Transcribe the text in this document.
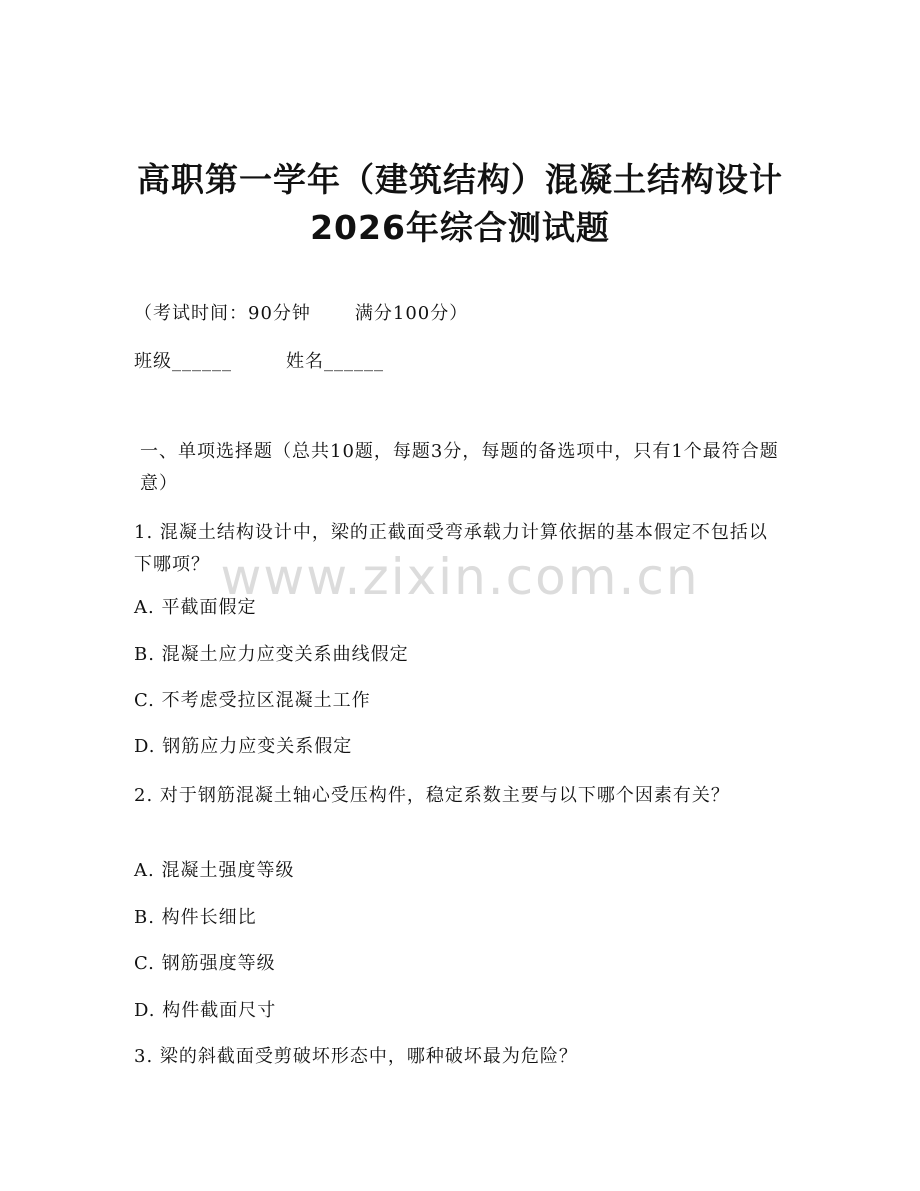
高职第一学年（建筑结构）混凝土结构设计
2026年综合测试题
（考试时间：90分钟 满分100分）
班级______	姓名______
一、单项选择题（总共10题，每题3分，每题的备选项中，只有1个最符合题意）
1. 混凝土结构设计中，梁的正截面受弯承载力计算依据的基本假定不包括以下哪项？
A. 平截面假定
B. 混凝土应力应变关系曲线假定
C. 不考虑受拉区混凝土工作
D. 钢筋应力应变关系假定
2. 对于钢筋混凝土轴心受压构件，稳定系数主要与以下哪个因素有关？
A. 混凝土强度等级
B. 构件长细比
C. 钢筋强度等级
D. 构件截面尺寸
3. 梁的斜截面受剪破坏形态中，哪种破坏最为危险？
www.zixin.com.cn
